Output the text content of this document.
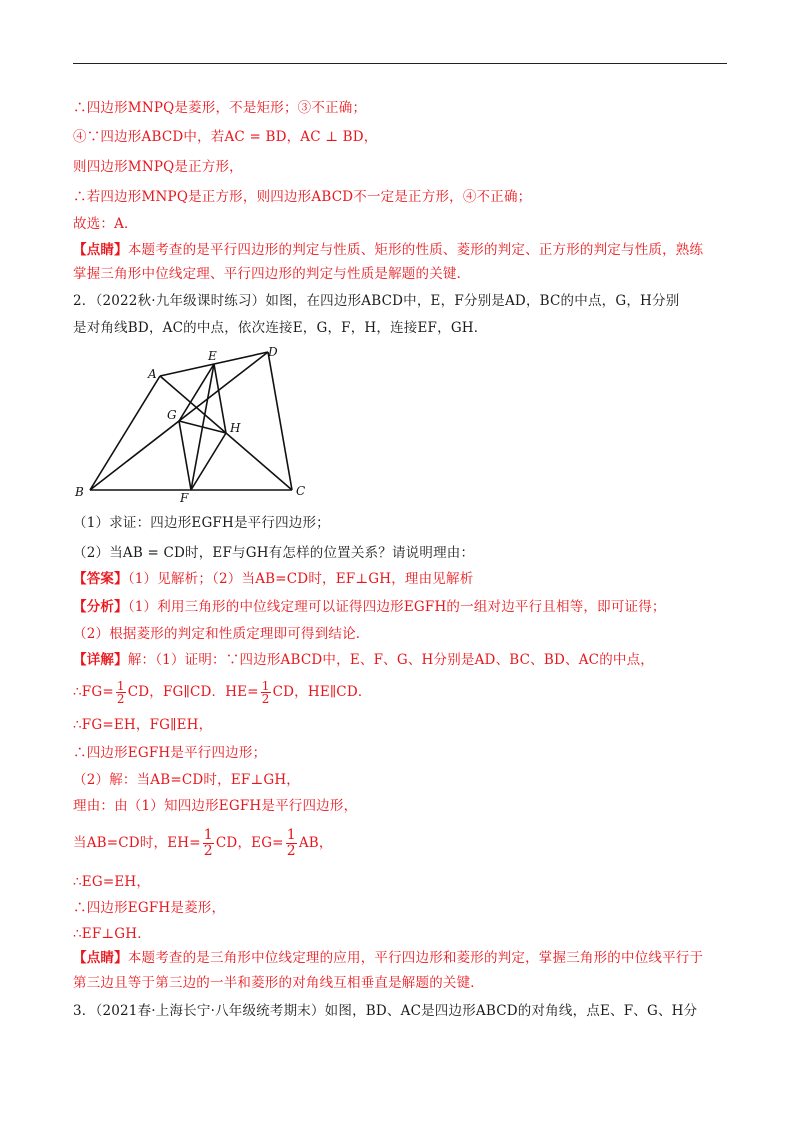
∴四边形MNPQ是菱形，不是矩形；③不正确；
④∵四边形ABCD中，若AC = BD，AC ⊥ BD，
则四边形MNPQ是正方形，
∴若四边形MNPQ是正方形，则四边形ABCD不一定是正方形，④不正确；
故选：A．
【点睛】本题考查的是平行四边形的判定与性质、矩形的性质、菱形的判定、正方形的判定与性质，熟练
掌握三角形中位线定理、平行四边形的判定与性质是解题的关键．
2．（2022秋·九年级课时练习）如图，在四边形ABCD中，E，F分别是AD，BC的中点，G，H分别
是对角线BD，AC的中点，依次连接E，G，F，H，连接EF，GH．
A
E	D
G
H
B	F	C
（1）求证：四边形EGFH是平行四边形；
（2）当AB = CD时，EF与GH有怎样的位置关系？请说明理由：
【答案】（1）见解析；（2）当AB=CD时，EF⊥GH，理由见解析
【分析】（1）利用三角形的中位线定理可以证得四边形EGFH的一组对边平行且相等，即可证得；
（2）根据菱形的判定和性质定理即可得到结论．
【详解】解：（1）证明：∵四边形ABCD中，E、F、G、H分别是AD、BC、BD、AC的中点，
∴FG= $\frac{1}{2}$ CD，FG∥CD．$HE= \frac{1}{2}$ CD，HE∥CD．
∴FG=EH，FG∥EH，
∴四边形EGFH是平行四边形；
（2）解：当AB=CD时，EF⊥GH，
理由：由（1）知四边形EGFH是平行四边形，
当AB=CD时，$EH= \frac{1}{2}$ CD，$EG= \frac{1}{2}$ AB，
∴EG=EH，
∴四边形EGFH是菱形，
∴EF⊥GH．
【点睛】本题考查的是三角形中位线定理的应用，平行四边形和菱形的判定，掌握三角形的中位线平行于
第三边且等于第三边的一半和菱形的对角线互相垂直是解题的关键．
3．（2021春·上海长宁·八年级统考期末）如图，BD、AC是四边形ABCD的对角线，点E、F、G、H分
